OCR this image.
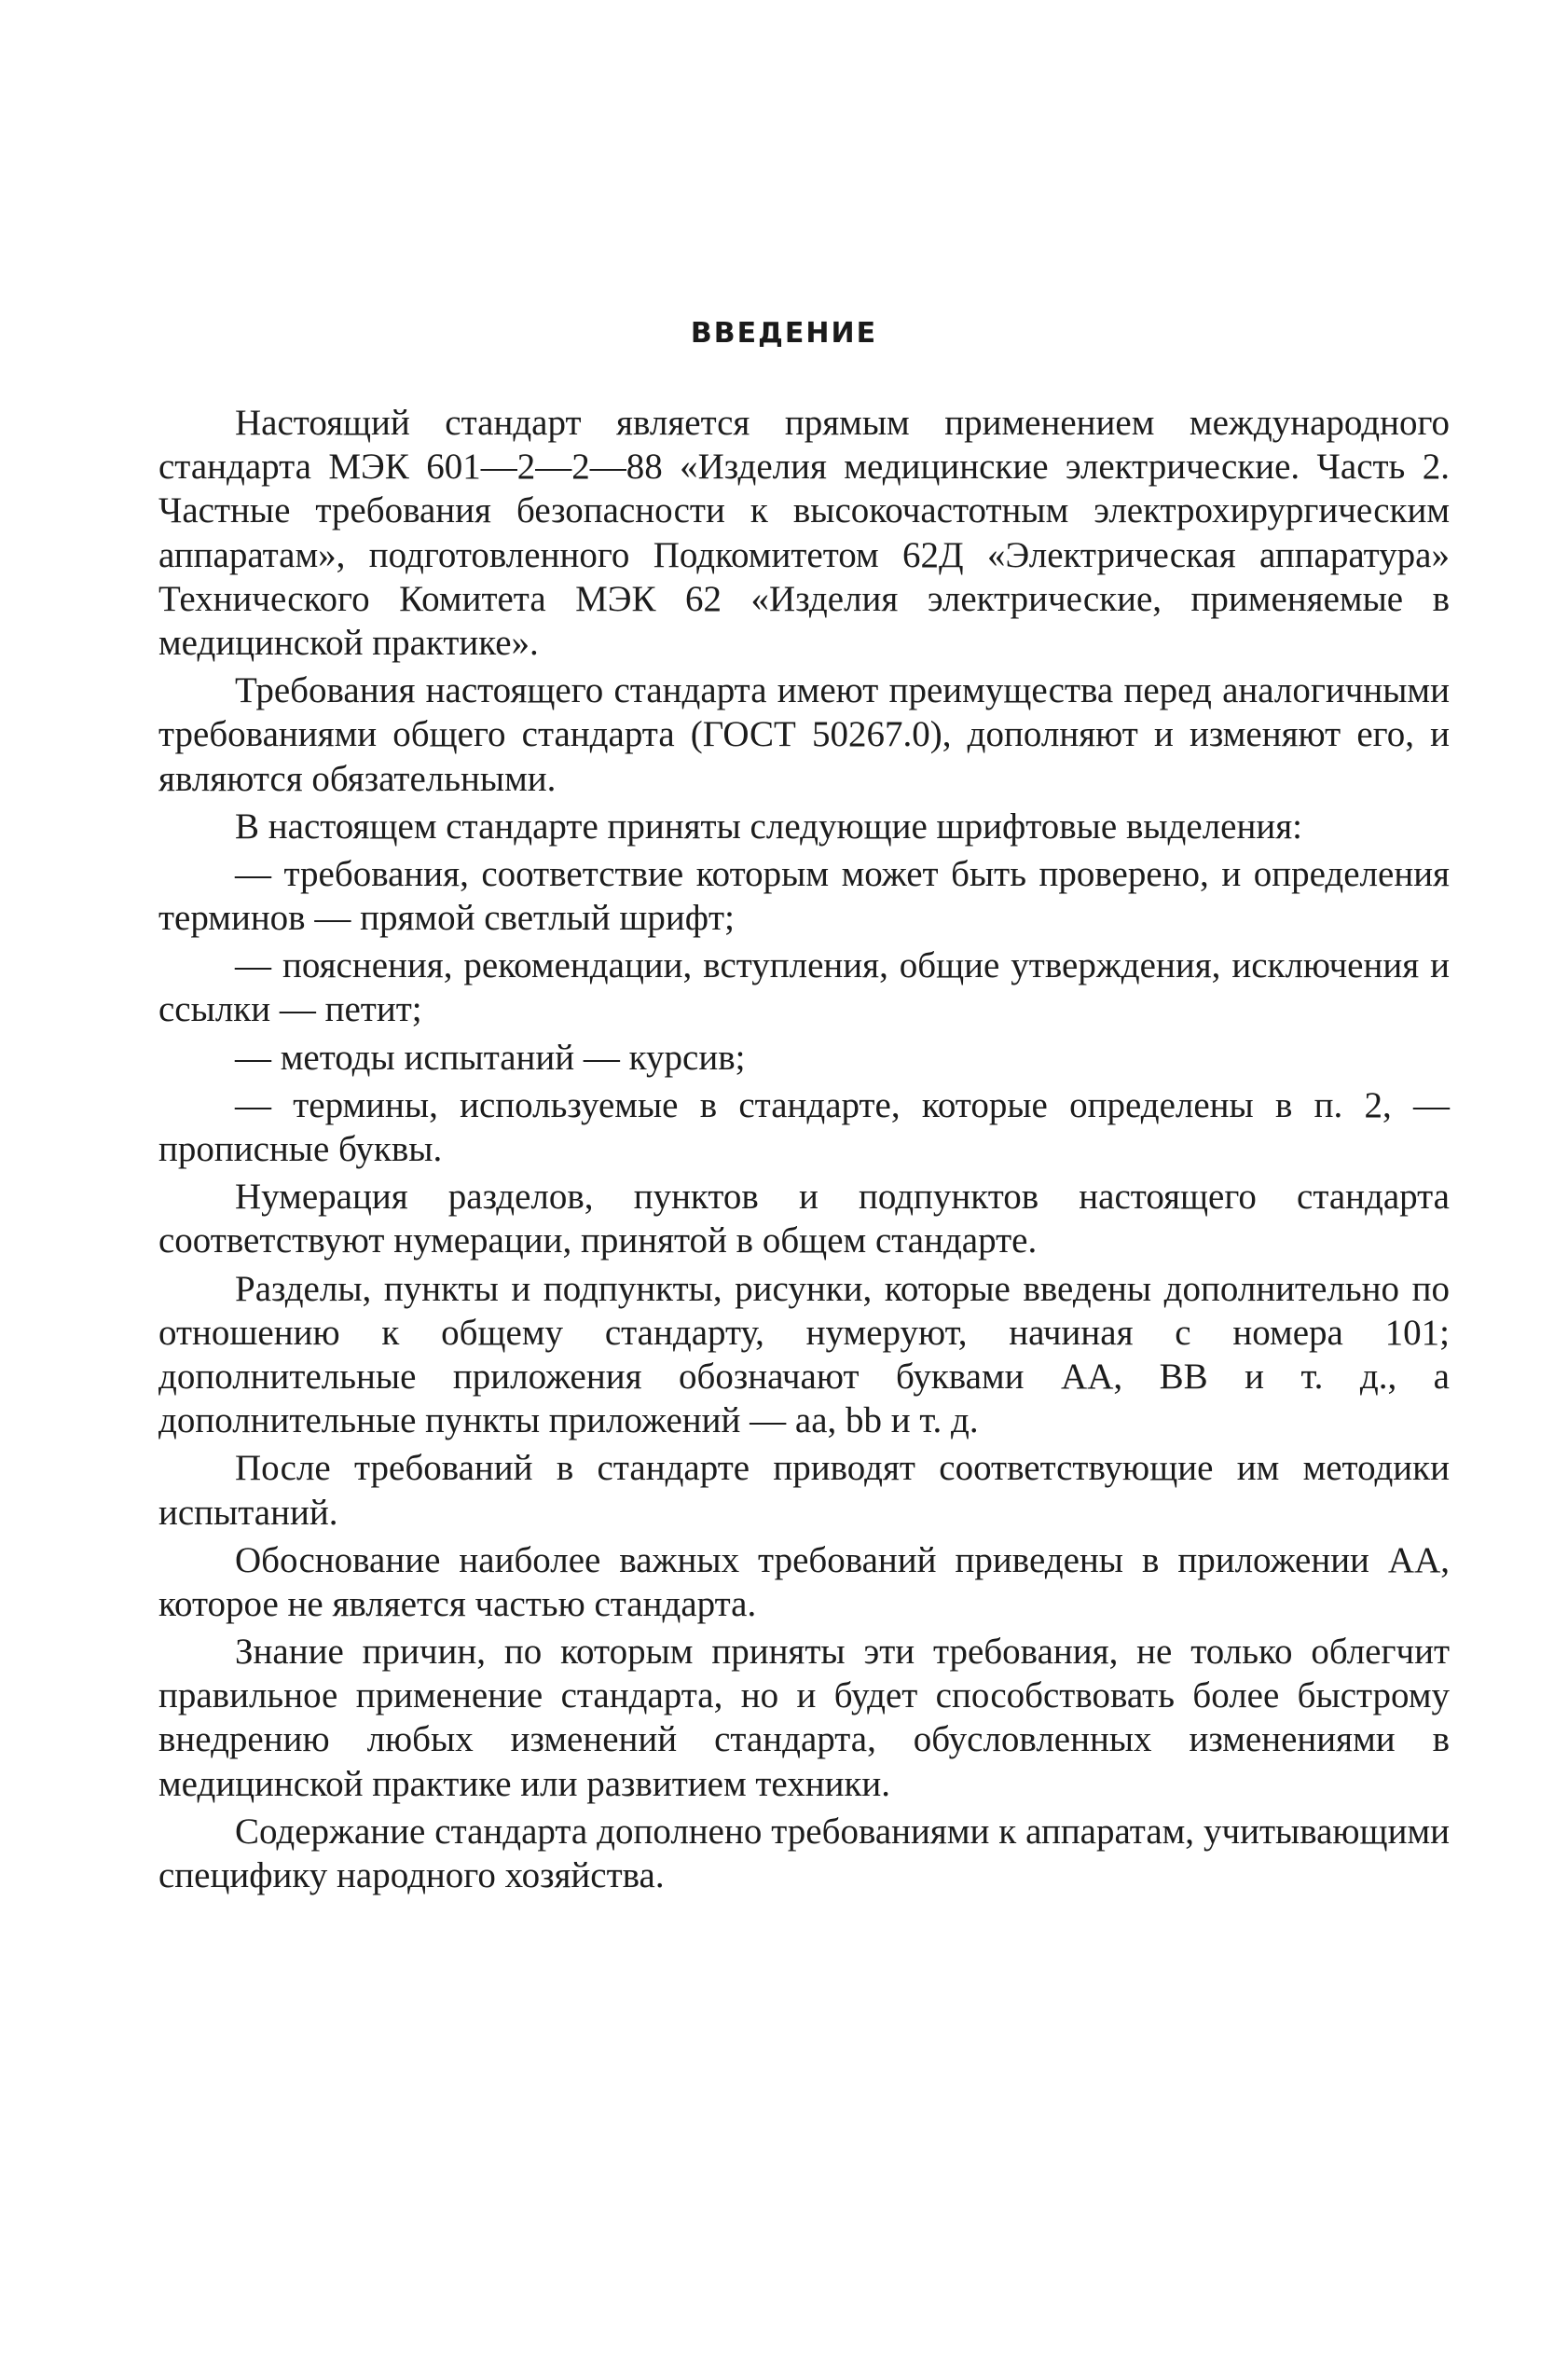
ВВЕДЕНИЕ

Настоящий стандарт является прямым применением международного стандарта МЭК 601—2—2—88 «Изделия медицинские электрические. Часть 2. Частные требования безопасности к высокочастотным электрохирургическим аппаратам», подготовленного Подкомитетом 62Д «Электрическая аппаратура» Технического Комитета МЭК 62 «Изделия электрические, применяемые в медицинской практике».

Требования настоящего стандарта имеют преимущества перед аналогичными требованиями общего стандарта (ГОСТ 50267.0), дополняют и изменяют его, и являются обязательными.

В настоящем стандарте приняты следующие шрифтовые выделения:

— требования, соответствие которым может быть проверено, и определения терминов — прямой светлый шрифт;

— пояснения, рекомендации, вступления, общие утверждения, исключения и ссылки — петит;

— методы испытаний — курсив;

— термины, используемые в стандарте, которые определены в п. 2, — прописные буквы.

Нумерация разделов, пунктов и подпунктов настоящего стандарта соответствуют нумерации, принятой в общем стандарте.

Разделы, пункты и подпункты, рисунки, которые введены дополнительно по отношению к общему стандарту, нумеруют, начиная с номера 101; дополнительные приложения обозначают буквами АА, ВВ и т. д., а дополнительные пункты приложений — аа, bb и т. д.

После требований в стандарте приводят соответствующие им методики испытаний.

Обоснование наиболее важных требований приведены в приложении АА, которое не является частью стандарта.

Знание причин, по которым приняты эти требования, не только облегчит правильное применение стандарта, но и будет способствовать более быстрому внедрению любых изменений стандарта, обусловленных изменениями в медицинской практике или развитием техники.

Содержание стандарта дополнено требованиями к аппаратам, учитывающими специфику народного хозяйства.
